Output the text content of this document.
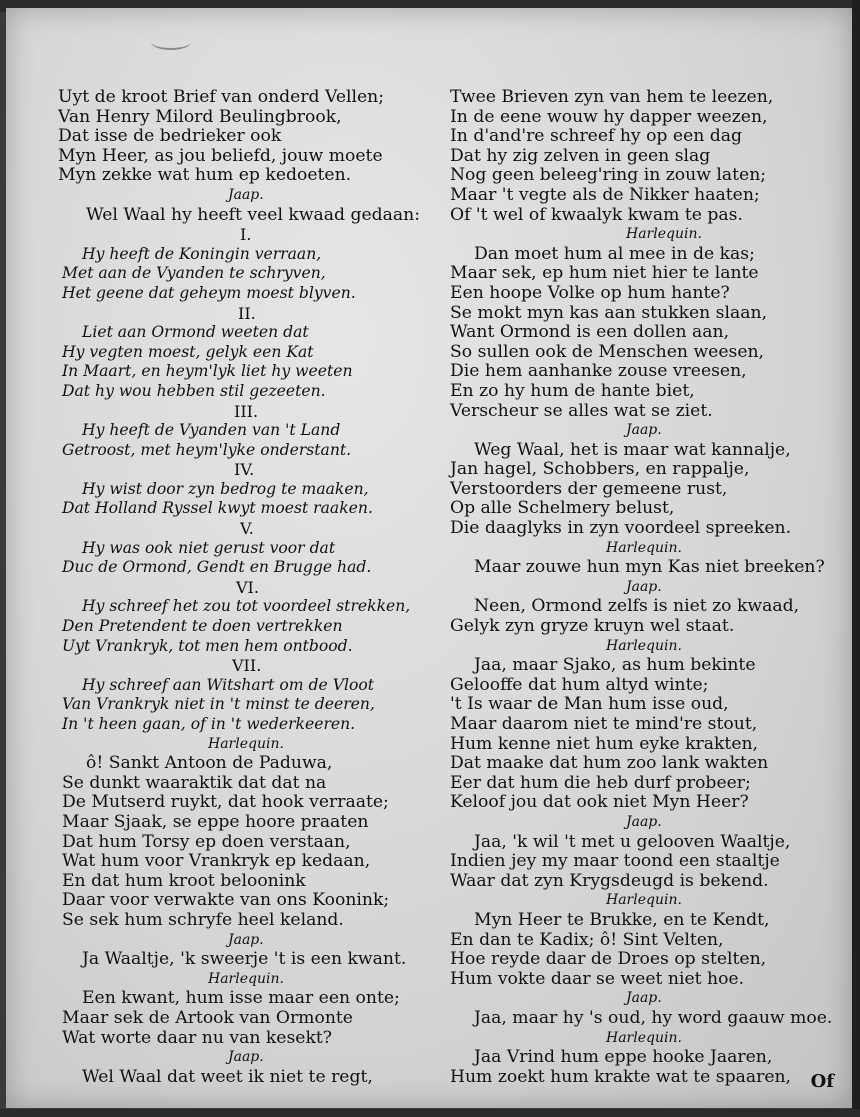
Uyt de kroot Brief van onderd Vellen;
Van Henry Milord Beulingbrook,
Dat isse de bedrieker ook
Myn Heer, as jou beliefd, jouw moete
Myn zekke wat hum ep kedoeten.
Jaap.
Wel Waal hy heeft veel kwaad gedaan:
I.
Hy heeft de Koningin verraan,
Met aan de Vyanden te schryven,
Het geene dat geheym moest blyven.
II.
Liet aan Ormond weeten dat
Hy vegten moest, gelyk een Kat
In Maart, en heym'lyk liet hy weeten
Dat hy wou hebben stil gezeeten.
III.
Hy heeft de Vyanden van 't Land
Getroost, met heym'lyke onderstant.
IV.
Hy wist door zyn bedrog te maaken,
Dat Holland Ryssel kwyt moest raaken.
V.
Hy was ook niet gerust voor dat
Duc de Ormond, Gendt en Brugge had.
VI.
Hy schreef het zou tot voordeel strekken,
Den Pretendent te doen vertrekken
Uyt Vrankryk, tot men hem ontbood.
VII.
Hy schreef aan Witshart om de Vloot
Van Vrankryk niet in 't minst te deeren,
In 't heen gaan, of in 't wederkeeren.
Harlequin.
ô! Sankt Antoon de Paduwa,
Se dunkt waaraktik dat dat na
De Mutserd ruykt, dat hook verraate;
Maar Sjaak, se eppe hoore praaten
Dat hum Torsy ep doen verstaan,
Wat hum voor Vrankryk ep kedaan,
En dat hum kroot beloonink
Daar voor verwakte van ons Koonink;
Se sek hum schryfe heel keland.
Jaap.
Ja Waaltje, 'k sweerje 't is een kwant.
Harlequin.
Een kwant, hum isse maar een onte;
Maar sek de Artook van Ormonte
Wat worte daar nu van kesekt?
Jaap.
Wel Waal dat weet ik niet te regt,
Twee Brieven zyn van hem te leezen,
In de eene wouw hy dapper weezen,
In d'and're schreef hy op een dag
Dat hy zig zelven in geen slag
Nog geen beleeg'ring in zouw laten;
Maar 't vegte als de Nikker haaten;
Of 't wel of kwaalyk kwam te pas.
Harlequin.
Dan moet hum al mee in de kas;
Maar sek, ep hum niet hier te lante
Een hoope Volke op hum hante?
Se mokt myn kas aan stukken slaan,
Want Ormond is een dollen aan,
So sullen ook de Menschen weesen,
Die hem aanhanke zouse vreesen,
En zo hy hum de hante biet,
Verscheur se alles wat se ziet.
Jaap.
Weg Waal, het is maar wat kannalje,
Jan hagel, Schobbers, en rappalje,
Verstoorders der gemeene rust,
Op alle Schelmery belust,
Die daaglyks in zyn voordeel spreeken.
Harlequin.
Maar zouwe hun myn Kas niet breeken?
Jaap.
Neen, Ormond zelfs is niet zo kwaad,
Gelyk zyn gryze kruyn wel staat.
Harlequin.
Jaa, maar Sjako, as hum bekinte
Gelooffe dat hum altyd winte;
't Is waar de Man hum isse oud,
Maar daarom niet te mind're stout,
Hum kenne niet hum eyke krakten,
Dat maake dat hum zoo lank wakten
Eer dat hum die heb durf probeer;
Keloof jou dat ook niet Myn Heer?
Jaap.
Jaa, 'k wil 't met u gelooven Waaltje,
Indien jey my maar toond een staaltje
Waar dat zyn Krygsdeugd is bekend.
Harlequin.
Myn Heer te Brukke, en te Kendt,
En dan te Kadix; ô! Sint Velten,
Hoe reyde daar de Droes op stelten,
Hum vokte daar se weet niet hoe.
Jaap.
Jaa, maar hy 's oud, hy word gaauw moe.
Harlequin.
Jaa Vrind hum eppe hooke Jaaren,
Hum zoekt hum krakte wat te spaaren,	Of
